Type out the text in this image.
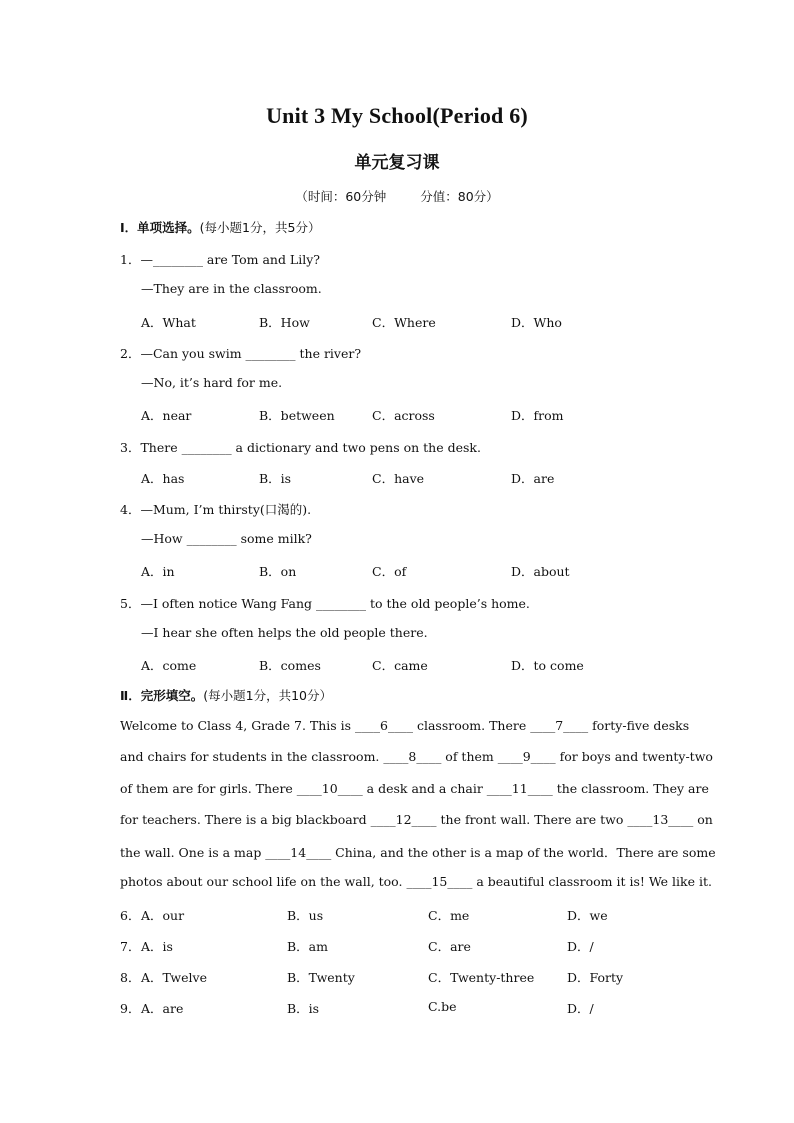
Unit 3 My School(Period 6)
单元复习课
（时间：60分钟	分值：80分）
Ⅰ．单项选择。(每小题1分，共5分）
1．—________ are Tom and Lily?
—They are in the classroom.
A．What	B．How	C．Where	D．Who
2．—Can you swim ________ the river?
—No, it’s hard for me.
A．near	B．between	C．across	D．from
3．There ________ a dictionary and two pens on the desk.
A．has	B．is	C．have	D．are
4．—Mum, I’m thirsty(口渴的).
—How ________ some milk?
A．in	B．on	C．of	D．about
5．—I often notice Wang Fang ________ to the old people’s home.
—I hear she often helps the old people there.
A．come	B．comes	C．came	D．to come
Ⅱ．完形填空。(每小题1分，共10分）
Welcome to Class 4, Grade 7. This is ____6____ classroom. There ____7____ forty-five desks
and chairs for students in the classroom. ____8____ of them ____9____ for boys and twenty-two
of them are for girls. There ____10____ a desk and a chair ____11____ the classroom. They are
for teachers. There is a big blackboard ____12____ the front wall. There are two ____13____ on
the wall. One is a map ____14____ China, and the other is a map of the world．There are some
photos about our school life on the wall, too. ____15____ a beautiful classroom it is! We like it.
6． A．our	B．us	C．me	D．we
7． A．is	B．am	C．are	D．/
8． A．Twelve	B．Twenty	C．Twenty-three	D．Forty
9． A．are	B．is	C.be	D．/
